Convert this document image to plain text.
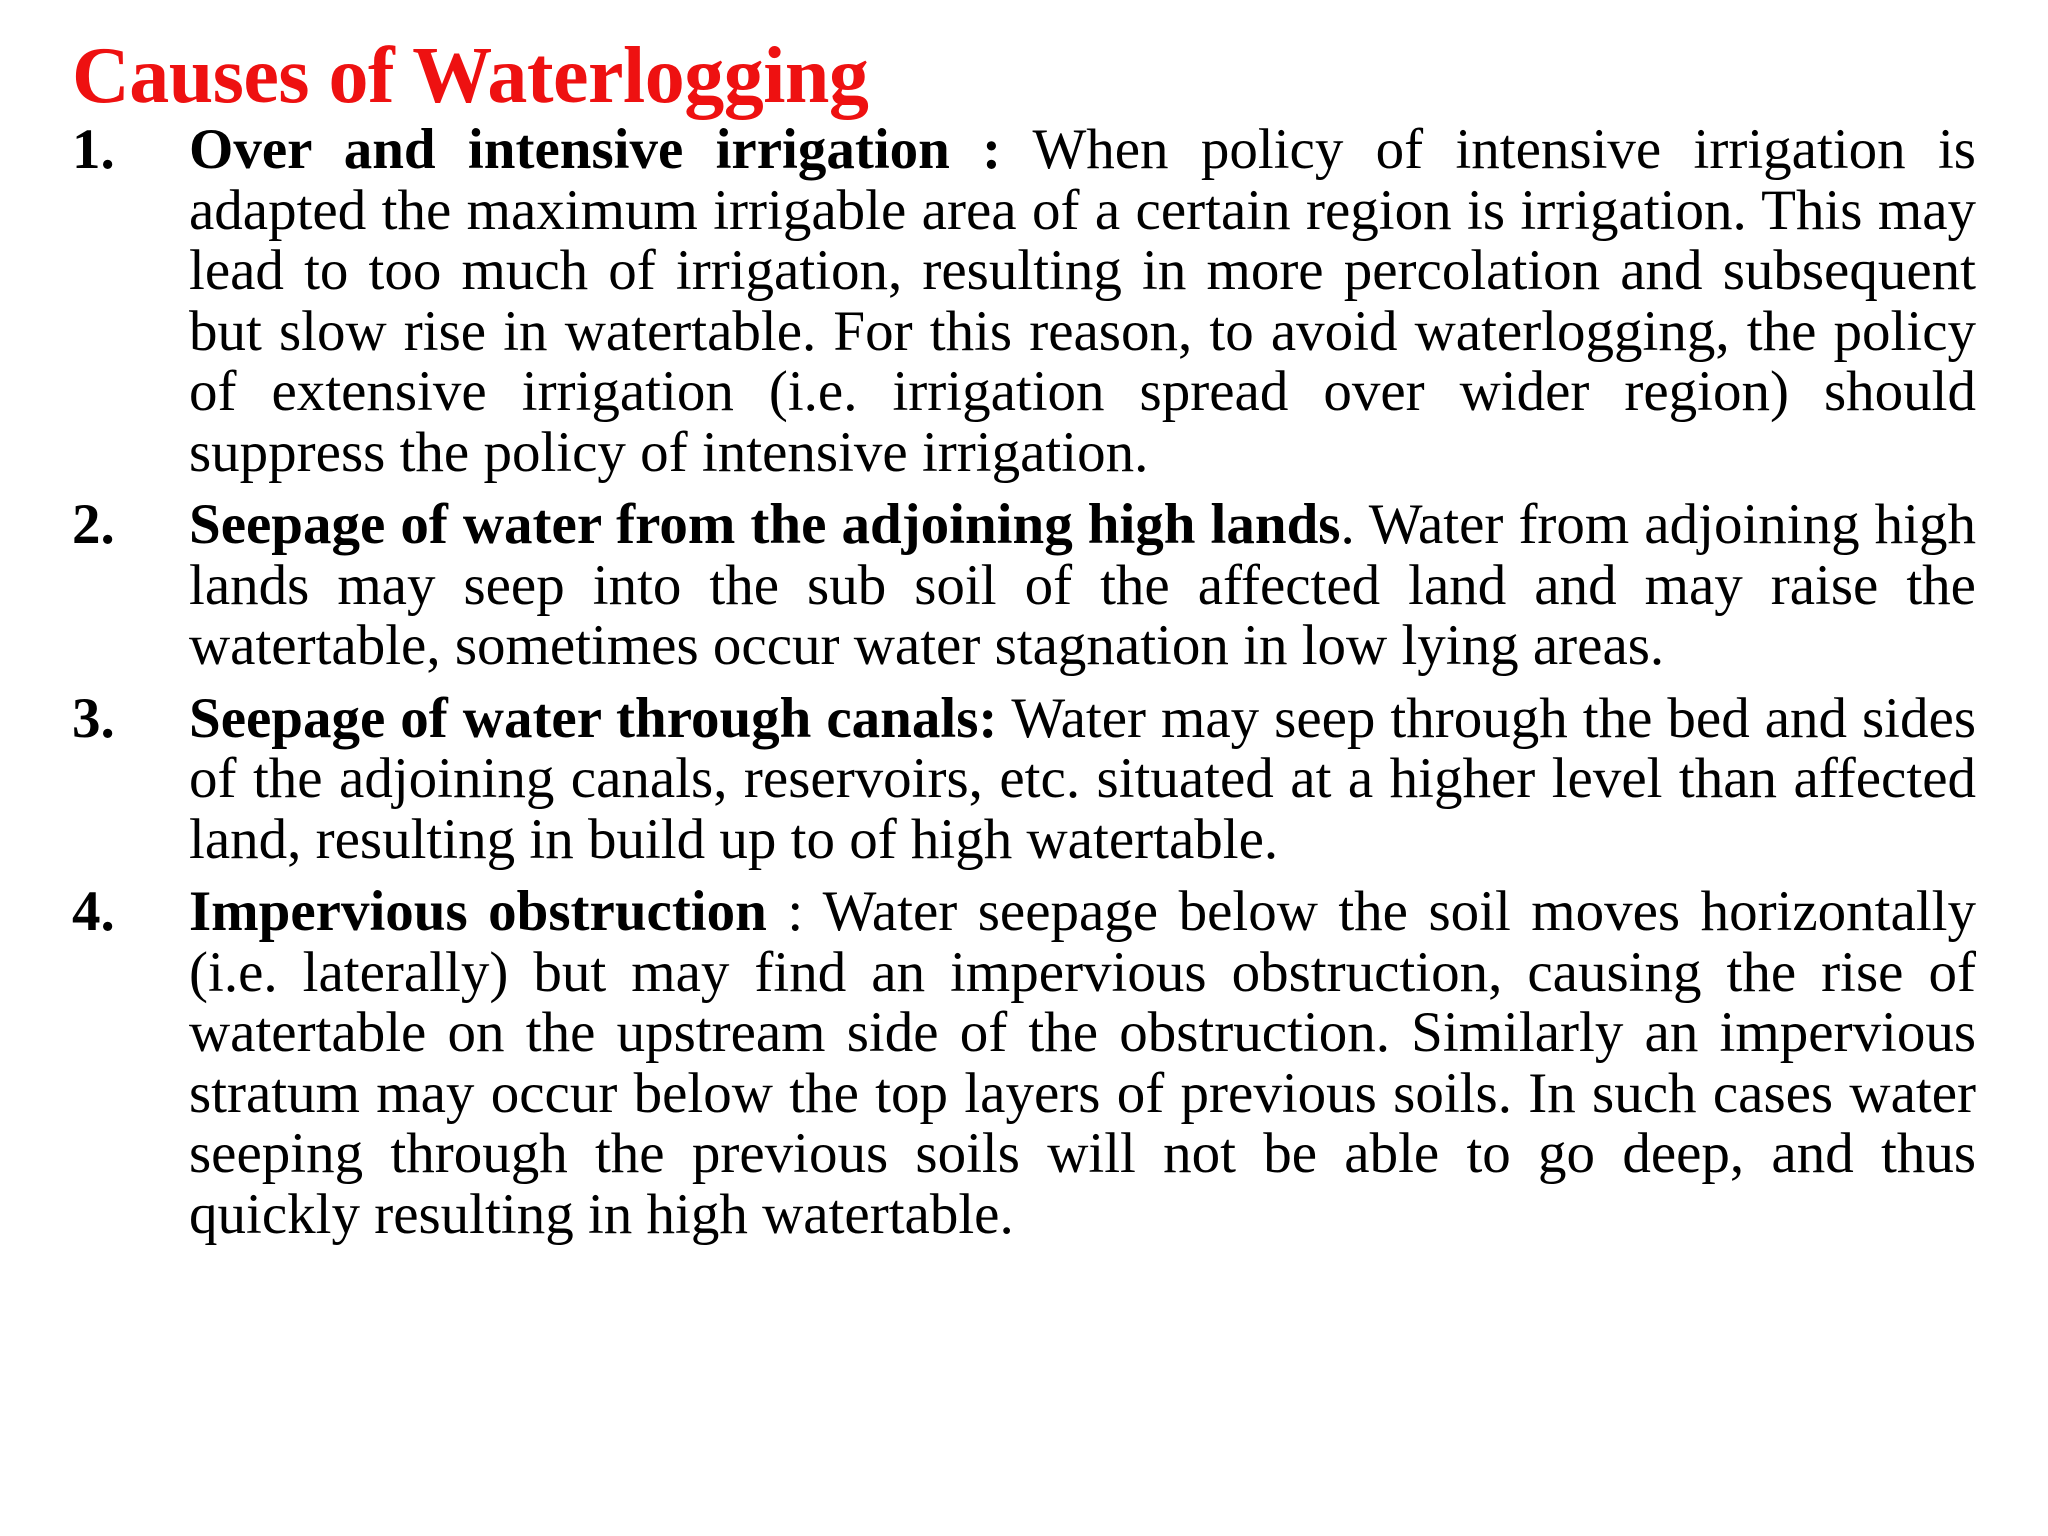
Causes of Waterlogging
1. Over and intensive irrigation : When policy of intensive irrigation is adapted the maximum irrigable area of a certain region is irrigation. This may lead to too much of irrigation, resulting in more percolation and subsequent but slow rise in watertable. For this reason, to avoid waterlogging, the policy of extensive irrigation (i.e. irrigation spread over wider region) should suppress the policy of intensive irrigation.
2. Seepage of water from the adjoining high lands. Water from adjoining high lands may seep into the sub soil of the affected land and may raise the watertable, sometimes occur water stagnation in low lying areas.
3. Seepage of water through canals: Water may seep through the bed and sides of the adjoining canals, reservoirs, etc. situated at a higher level than affected land, resulting in build up to of high watertable.
4. Impervious obstruction : Water seepage below the soil moves horizontally (i.e. laterally) but may find an impervious obstruction, causing the rise of watertable on the upstream side of the obstruction. Similarly an impervious stratum may occur below the top layers of previous soils. In such cases water seeping through the previous soils will not be able to go deep, and thus quickly resulting in high watertable.
